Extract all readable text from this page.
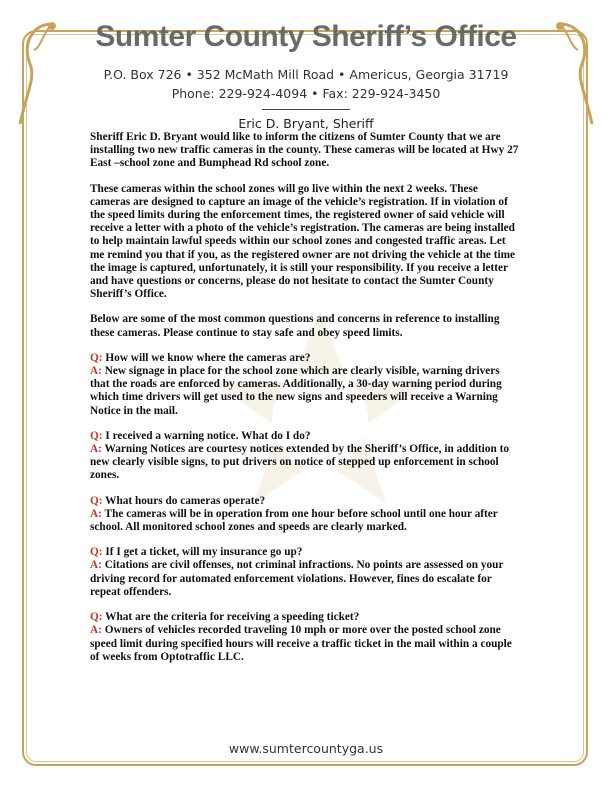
Sumter County Sheriff’s Office
P.O. Box 726 • 352 McMath Mill Road • Americus, Georgia 31719
Phone: 229-924-4094 • Fax: 229-924-3450
Eric D. Bryant, Sheriff

Sheriff Eric D. Bryant would like to inform the citizens of Sumter County that we are installing two new traffic cameras in the county. These cameras will be located at Hwy 27 East –school zone and Bumphead Rd school zone.

These cameras within the school zones will go live within the next 2 weeks. These cameras are designed to capture an image of the vehicle’s registration. If in violation of the speed limits during the enforcement times, the registered owner of said vehicle will receive a letter with a photo of the vehicle’s registration. The cameras are being installed to help maintain lawful speeds within our school zones and congested traffic areas. Let me remind you that if you, as the registered owner are not driving the vehicle at the time the image is captured, unfortunately, it is still your responsibility. If you receive a letter and have questions or concerns, please do not hesitate to contact the Sumter County Sheriff’s Office.

Below are some of the most common questions and concerns in reference to installing these cameras. Please continue to stay safe and obey speed limits.

Q: How will we know where the cameras are?
A: New signage in place for the school zone which are clearly visible, warning drivers that the roads are enforced by cameras. Additionally, a 30-day warning period during which time drivers will get used to the new signs and speeders will receive a Warning Notice in the mail.
Q: I received a warning notice. What do I do?
A: Warning Notices are courtesy notices extended by the Sheriff’s Office, in addition to new clearly visible signs, to put drivers on notice of stepped up enforcement in school zones.
Q: What hours do cameras operate?
A: The cameras will be in operation from one hour before school until one hour after school. All monitored school zones and speeds are clearly marked.
Q: If I get a ticket, will my insurance go up?
A: Citations are civil offenses, not criminal infractions. No points are assessed on your driving record for automated enforcement violations. However, fines do escalate for repeat offenders.
Q: What are the criteria for receiving a speeding ticket?
A: Owners of vehicles recorded traveling 10 mph or more over the posted school zone speed limit during specified hours will receive a traffic ticket in the mail within a couple of weeks from Optotraffic LLC.
www.sumtercountyga.us
